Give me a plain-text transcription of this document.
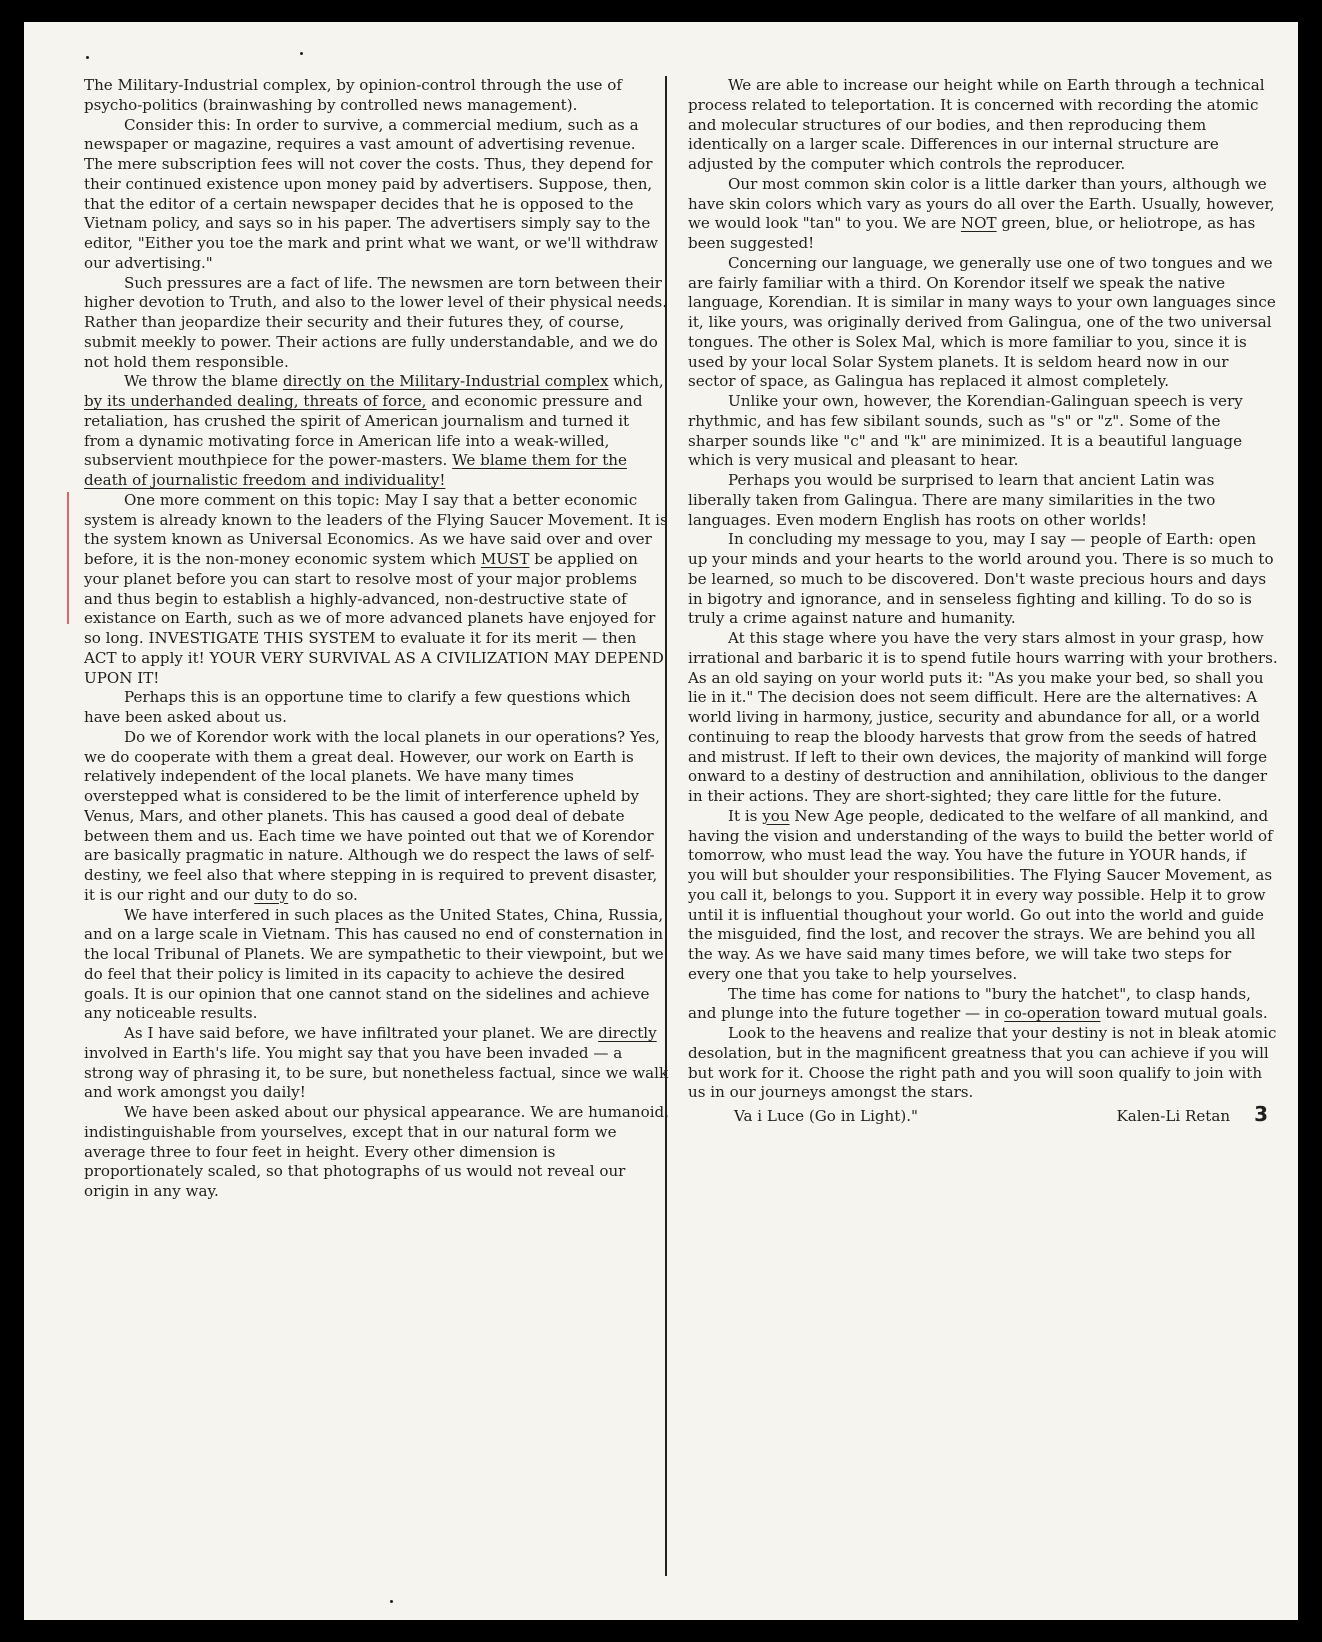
The Military-Industrial complex, by opinion-control through the use of psycho-politics (brainwashing by controlled news management).

Consider this: In order to survive, a commercial medium, such as a newspaper or magazine, requires a vast amount of advertising revenue. The mere subscription fees will not cover the costs. Thus, they depend for their continued existence upon money paid by advertisers. Suppose, then, that the editor of a certain newspaper decides that he is opposed to the Vietnam policy, and says so in his paper. The advertisers simply say to the editor, "Either you toe the mark and print what we want, or we'll withdraw our advertising."

Such pressures are a fact of life. The newsmen are torn between their higher devotion to Truth, and also to the lower level of their physical needs. Rather than jeopardize their security and their futures they, of course, submit meekly to power. Their actions are fully understandable, and we do not hold them responsible.

We throw the blame directly on the Military-Industrial complex which, by its underhanded dealing, threats of force, and economic pressure and retaliation, has crushed the spirit of American journalism and turned it from a dynamic motivating force in American life into a weak-willed, subservient mouthpiece for the power-masters. We blame them for the death of journalistic freedom and individuality!

One more comment on this topic: May I say that a better economic system is already known to the leaders of the Flying Saucer Movement. It is the system known as Universal Economics. As we have said over and over before, it is the non-money economic system which MUST be applied on your planet before you can start to resolve most of your major problems and thus begin to establish a highly-advanced, non-destructive state of existance on Earth, such as we of more advanced planets have enjoyed for so long. INVESTIGATE THIS SYSTEM to evaluate it for its merit — then ACT to apply it! YOUR VERY SURVIVAL AS A CIVILIZATION MAY DEPEND UPON IT!

Perhaps this is an opportune time to clarify a few questions which have been asked about us.

Do we of Korendor work with the local planets in our operations? Yes, we do cooperate with them a great deal. However, our work on Earth is relatively independent of the local planets. We have many times overstepped what is considered to be the limit of interference upheld by Venus, Mars, and other planets. This has caused a good deal of debate between them and us. Each time we have pointed out that we of Korendor are basically pragmatic in nature. Although we do respect the laws of self-destiny, we feel also that where stepping in is required to prevent disaster, it is our right and our duty to do so.

We have interfered in such places as the United States, China, Russia, and on a large scale in Vietnam. This has caused no end of consternation in the local Tribunal of Planets. We are sympathetic to their viewpoint, but we do feel that their policy is limited in its capacity to achieve the desired goals. It is our opinion that one cannot stand on the sidelines and achieve any noticeable results.

As I have said before, we have infiltrated your planet. We are directly involved in Earth's life. You might say that you have been invaded — a strong way of phrasing it, to be sure, but nonetheless factual, since we walk and work amongst you daily!

We have been asked about our physical appearance. We are humanoid, indistinguishable from yourselves, except that in our natural form we average three to four feet in height. Every other dimension is proportionately scaled, so that photographs of us would not reveal our origin in any way.

We are able to increase our height while on Earth through a technical process related to teleportation. It is concerned with recording the atomic and molecular structures of our bodies, and then reproducing them identically on a larger scale. Differences in our internal structure are adjusted by the computer which controls the reproducer.

Our most common skin color is a little darker than yours, although we have skin colors which vary as yours do all over the Earth. Usually, however, we would look "tan" to you. We are NOT green, blue, or heliotrope, as has been suggested!

Concerning our language, we generally use one of two tongues and we are fairly familiar with a third. On Korendor itself we speak the native language, Korendian. It is similar in many ways to your own languages since it, like yours, was originally derived from Galingua, one of the two universal tongues. The other is Solex Mal, which is more familiar to you, since it is used by your local Solar System planets. It is seldom heard now in our sector of space, as Galingua has replaced it almost completely.

Unlike your own, however, the Korendian-Galinguan speech is very rhythmic, and has few sibilant sounds, such as "s" or "z". Some of the sharper sounds like "c" and "k" are minimized. It is a beautiful language which is very musical and pleasant to hear.

Perhaps you would be surprised to learn that ancient Latin was liberally taken from Galingua. There are many similarities in the two languages. Even modern English has roots on other worlds!

In concluding my message to you, may I say — people of Earth: open up your minds and your hearts to the world around you. There is so much to be learned, so much to be discovered. Don't waste precious hours and days in bigotry and ignorance, and in senseless fighting and killing. To do so is truly a crime against nature and humanity.

At this stage where you have the very stars almost in your grasp, how irrational and barbaric it is to spend futile hours warring with your brothers. As an old saying on your world puts it: "As you make your bed, so shall you lie in it." The decision does not seem difficult. Here are the alternatives: A world living in harmony, justice, security and abundance for all, or a world continuing to reap the bloody harvests that grow from the seeds of hatred and mistrust. If left to their own devices, the majority of mankind will forge onward to a destiny of destruction and annihilation, oblivious to the danger in their actions. They are short-sighted; they care little for the future.

It is you New Age people, dedicated to the welfare of all mankind, and having the vision and understanding of the ways to build the better world of tomorrow, who must lead the way. You have the future in YOUR hands, if you will but shoulder your responsibilities. The Flying Saucer Movement, as you call it, belongs to you. Support it in every way possible. Help it to grow until it is influential thoughout your world. Go out into the world and guide the misguided, find the lost, and recover the strays. We are behind you all the way. As we have said many times before, we will take two steps for every one that you take to help yourselves.

The time has come for nations to "bury the hatchet", to clasp hands, and plunge into the future together — in co-operation toward mutual goals.

Look to the heavens and realize that your destiny is not in bleak atomic desolation, but in the magnificent greatness that you can achieve if you will but work for it. Choose the right path and you will soon qualify to join with us in our journeys amongst the stars.

Va i Luce (Go in Light)."	Kalen-Li Retan 3
